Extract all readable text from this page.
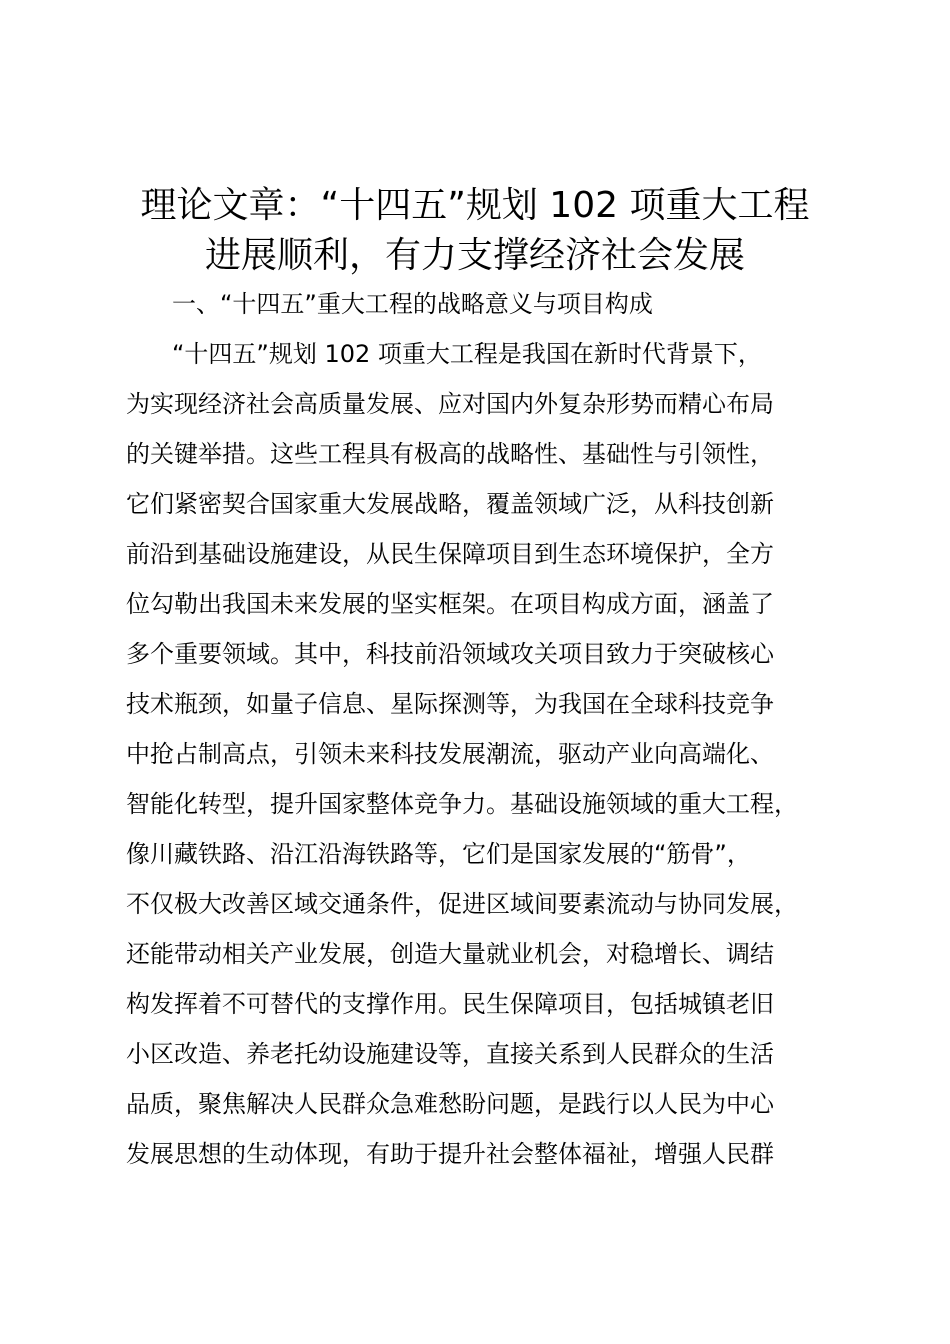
理论文章：“十四五”规划 102 项重大工程
进展顺利，有力支撑经济社会发展
一、“十四五”重大工程的战略意义与项目构成
“十四五”规划 102 项重大工程是我国在新时代背景下，
为实现经济社会高质量发展、应对国内外复杂形势而精心布局
的关键举措。这些工程具有极高的战略性、基础性与引领性，
它们紧密契合国家重大发展战略，覆盖领域广泛，从科技创新
前沿到基础设施建设，从民生保障项目到生态环境保护，全方
位勾勒出我国未来发展的坚实框架。在项目构成方面，涵盖了
多个重要领域。其中，科技前沿领域攻关项目致力于突破核心
技术瓶颈，如量子信息、星际探测等，为我国在全球科技竞争
中抢占制高点，引领未来科技发展潮流，驱动产业向高端化、
智能化转型，提升国家整体竞争力。基础设施领域的重大工程，
像川藏铁路、沿江沿海铁路等，它们是国家发展的“筋骨”，
不仅极大改善区域交通条件，促进区域间要素流动与协同发展，
还能带动相关产业发展，创造大量就业机会，对稳增长、调结
构发挥着不可替代的支撑作用。民生保障项目，包括城镇老旧
小区改造、养老托幼设施建设等，直接关系到人民群众的生活
品质，聚焦解决人民群众急难愁盼问题，是践行以人民为中心
发展思想的生动体现，有助于提升社会整体福祉，增强人民群
